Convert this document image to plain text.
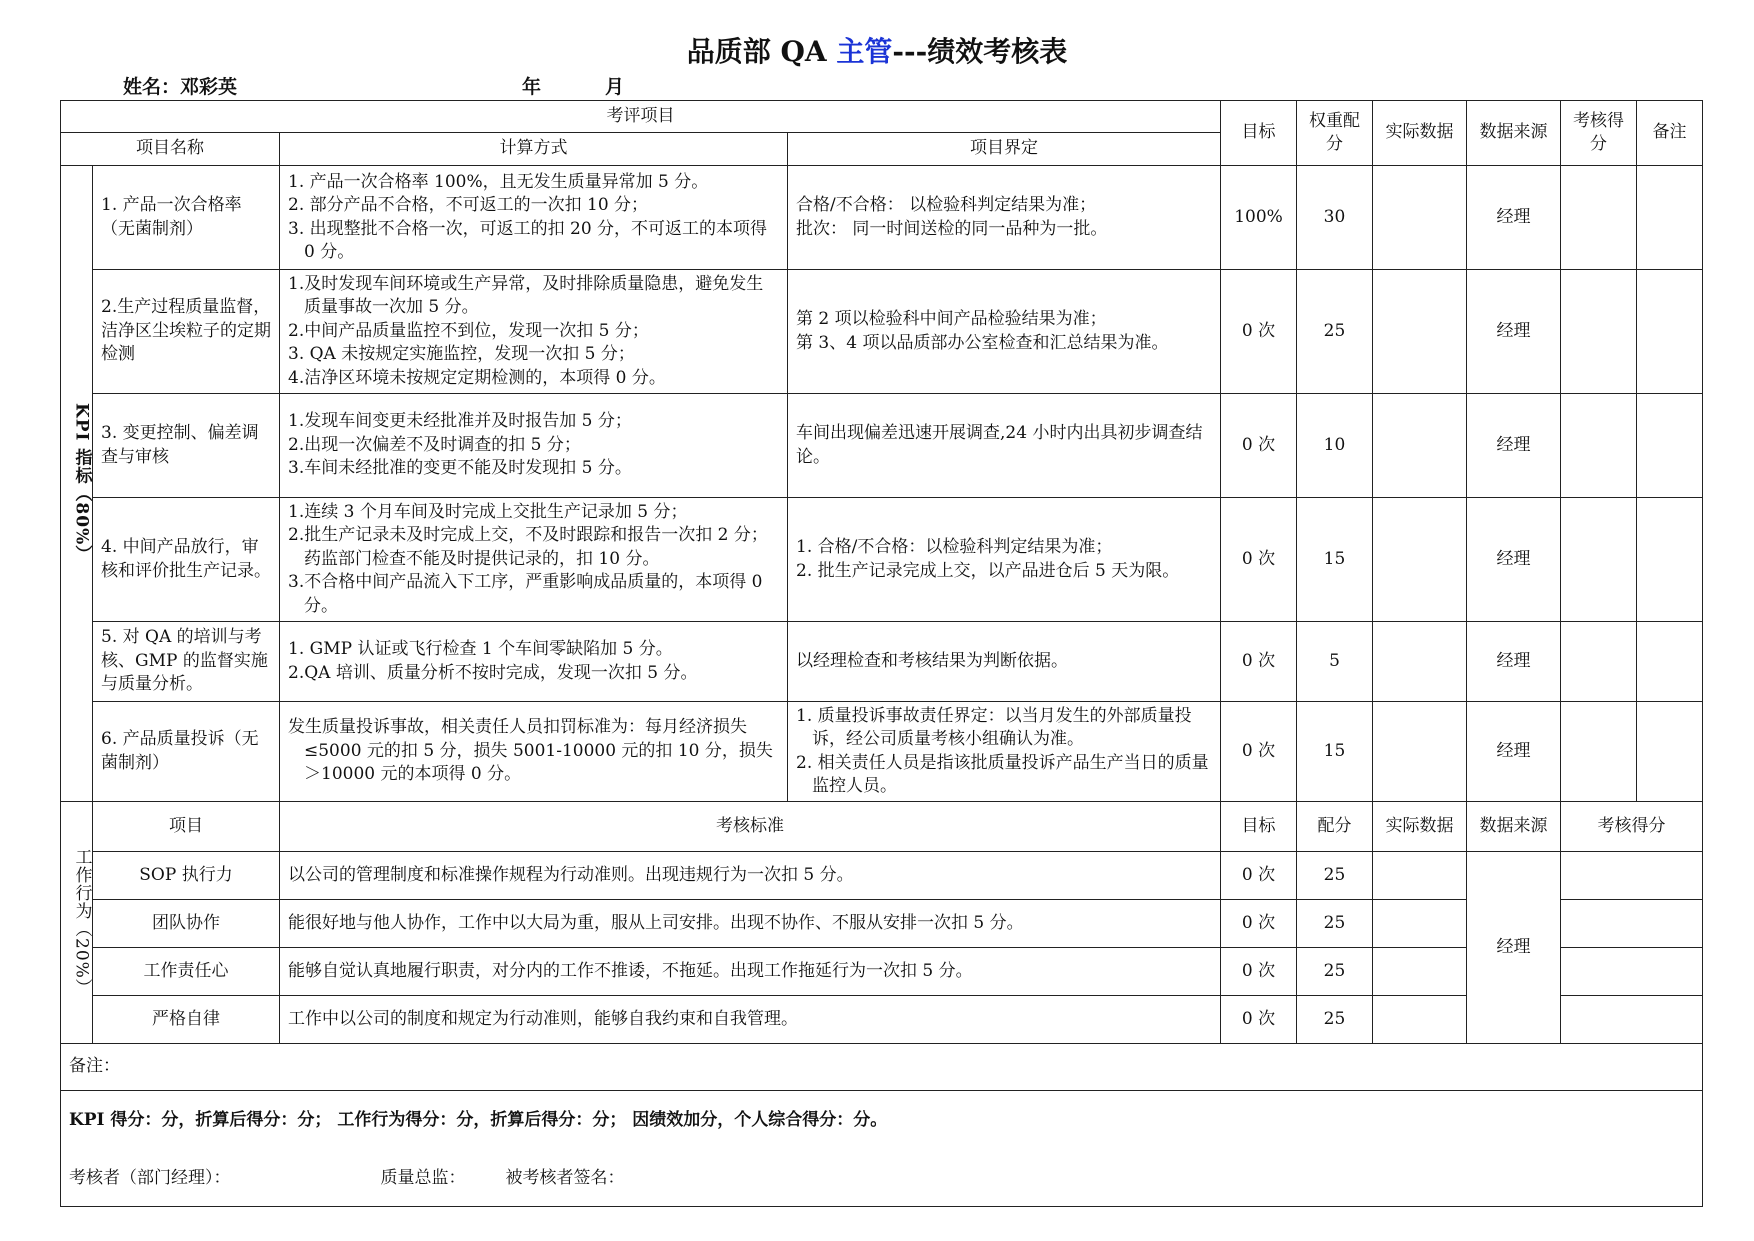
品质部 QA 主管---绩效考核表
姓名：邓彩英	年	月
考评项目				目标	权重配分	实际数据	数据来源	考核得分	备注
项目名称		计算方式	项目界定						

KPI 指标（80%）	1. 产品一次合格率（无菌制剂）	1. 产品一次合格率 100%，且无发生质量异常加 5 分。
2. 部分产品不合格，不可返工的一次扣 10 分；
3. 出现整批不合格一次，可返工的扣 20 分，不可返工的本项得 0 分。	合格/不合格： 以检验科判定结果为准；
批次： 同一时间送检的同一品种为一批。	100%	30		经理		
	2.生产过程质量监督，洁净区尘埃粒子的定期检测	1.及时发现车间环境或生产异常，及时排除质量隐患，避免发生质量事故一次加 5 分。
2.中间产品质量监控不到位，发现一次扣 5 分；
3. QA 未按规定实施监控，发现一次扣 5 分；
4.洁净区环境未按规定定期检测的，本项得 0 分。	第 2 项以检验科中间产品检验结果为准；
第 3、4 项以品质部办公室检查和汇总结果为准。	0 次	25		经理		
	3. 变更控制、偏差调查与审核	1.发现车间变更未经批准并及时报告加 5 分；
2.出现一次偏差不及时调查的扣 5 分；
3.车间未经批准的变更不能及时发现扣 5 分。	车间出现偏差迅速开展调查,24 小时内出具初步调查结论。	0 次	10		经理		
	4. 中间产品放行，审核和评价批生产记录。	1.连续 3 个月车间及时完成上交批生产记录加 5 分；
2.批生产记录未及时完成上交，不及时跟踪和报告一次扣 2 分；药监部门检查不能及时提供记录的，扣 10 分。
3.不合格中间产品流入下工序，严重影响成品质量的，本项得 0 分。	1. 合格/不合格：以检验科判定结果为准；
2. 批生产记录完成上交，以产品进仓后 5 天为限。	0 次	15		经理		
	5. 对 QA 的培训与考核、GMP 的监督实施与质量分析。	1. GMP 认证或飞行检查 1 个车间零缺陷加 5 分。
2.QA 培训、质量分析不按时完成，发现一次扣 5 分。	以经理检查和考核结果为判断依据。	0 次	5		经理		
	6. 产品质量投诉（无菌制剂）	发生质量投诉事故，相关责任人员扣罚标准为：每月经济损失≤5000 元的扣 5 分，损失 5001-10000 元的扣 10 分，损失＞10000 元的本项得 0 分。	1. 质量投诉事故责任界定：以当月发生的外部质量投诉，经公司质量考核小组确认为准。
2. 相关责任人员是指该批质量投诉产品生产当日的质量监控人员。	0 次	15		经理		

工作行为（20%）	项目	考核标准		目标	配分	实际数据	数据来源	考核得分	
	SOP 执行力	以公司的管理制度和标准操作规程为行动准则。出现违规行为一次扣 5 分。		0 次	25		经理		
	团队协作	能很好地与他人协作，工作中以大局为重，服从上司安排。出现不协作、不服从安排一次扣 5 分。		0 次	25				
	工作责任心	能够自觉认真地履行职责，对分内的工作不推诿，不拖延。出现工作拖延行为一次扣 5 分。		0 次	25				
	严格自律	工作中以公司的制度和规定为行动准则，能够自我约束和自我管理。		0 次	25				
备注：									
KPI 得分：分，折算后得分：分； 工作行为得分：分，折算后得分：分； 因绩效加分，个人综合得分：分。									
考核者（部门经理）： 质量总监： 被考核者签名：									
